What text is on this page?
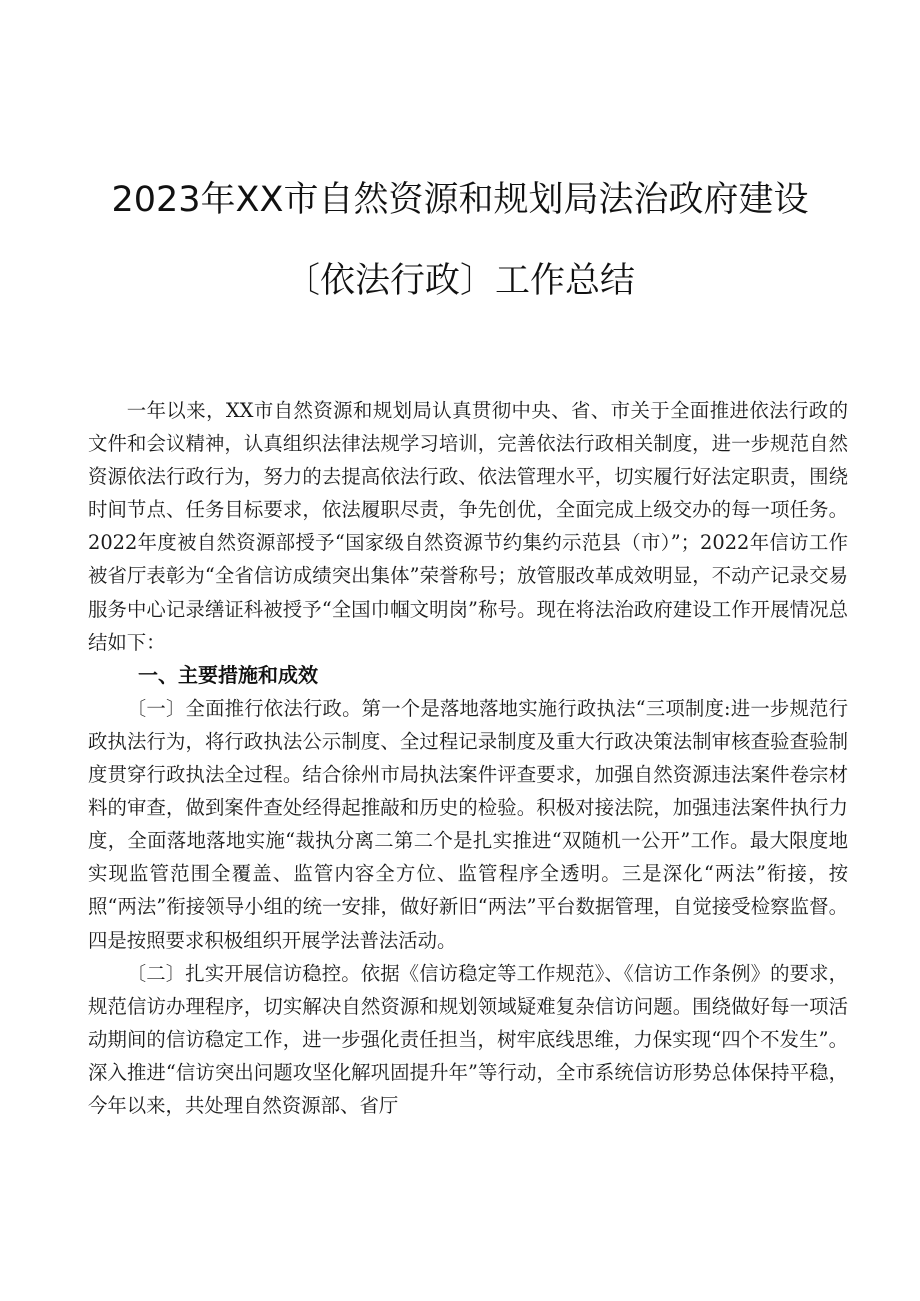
2023年XX市自然资源和规划局法治政府建设
〔依法行政〕工作总结

一年以来，XX市自然资源和规划局认真贯彻中央、省、市关于全面推进依法行政的文件和会议精神，认真组织法律法规学习培训，完善依法行政相关制度，进一步规范自然资源依法行政行为，努力的去提高依法行政、依法管理水平，切实履行好法定职责，围绕时间节点、任务目标要求，依法履职尽责，争先创优，全面完成上级交办的每一项任务。2022年度被自然资源部授予“国家级自然资源节约集约示范县（市）”；2022年信访工作被省厅表彰为“全省信访成绩突出集体”荣誉称号；放管服改革成效明显，不动产记录交易服务中心记录缮证科被授予“全国巾帼文明岗”称号。现在将法治政府建设工作开展情况总结如下：

一、主要措施和成效

〔一〕全面推行依法行政。第一个是落地落地实施行政执法“三项制度:进一步规范行政执法行为，将行政执法公示制度、全过程记录制度及重大行政决策法制审核查验查验制度贯穿行政执法全过程。结合徐州市局执法案件评查要求，加强自然资源违法案件卷宗材料的审查，做到案件查处经得起推敲和历史的检验。积极对接法院，加强违法案件执行力度，全面落地落地实施“裁执分离二第二个是扎实推进“双随机一公开”工作。最大限度地实现监管范围全覆盖、监管内容全方位、监管程序全透明。三是深化“两法”衔接，按照“两法”衔接领导小组的统一安排，做好新旧“两法”平台数据管理，自觉接受检察监督。四是按照要求积极组织开展学法普法活动。

〔二〕扎实开展信访稳控。依据《信访稳定等工作规范》、《信访工作条例》的要求，规范信访办理程序，切实解决自然资源和规划领域疑难复杂信访问题。围绕做好每一项活动期间的信访稳定工作，进一步强化责任担当，树牢底线思维，力保实现“四个不发生”。深入推进“信访突出问题攻坚化解巩固提升年”等行动，全市系统信访形势总体保持平稳，今年以来，共处理自然资源部、省厅
